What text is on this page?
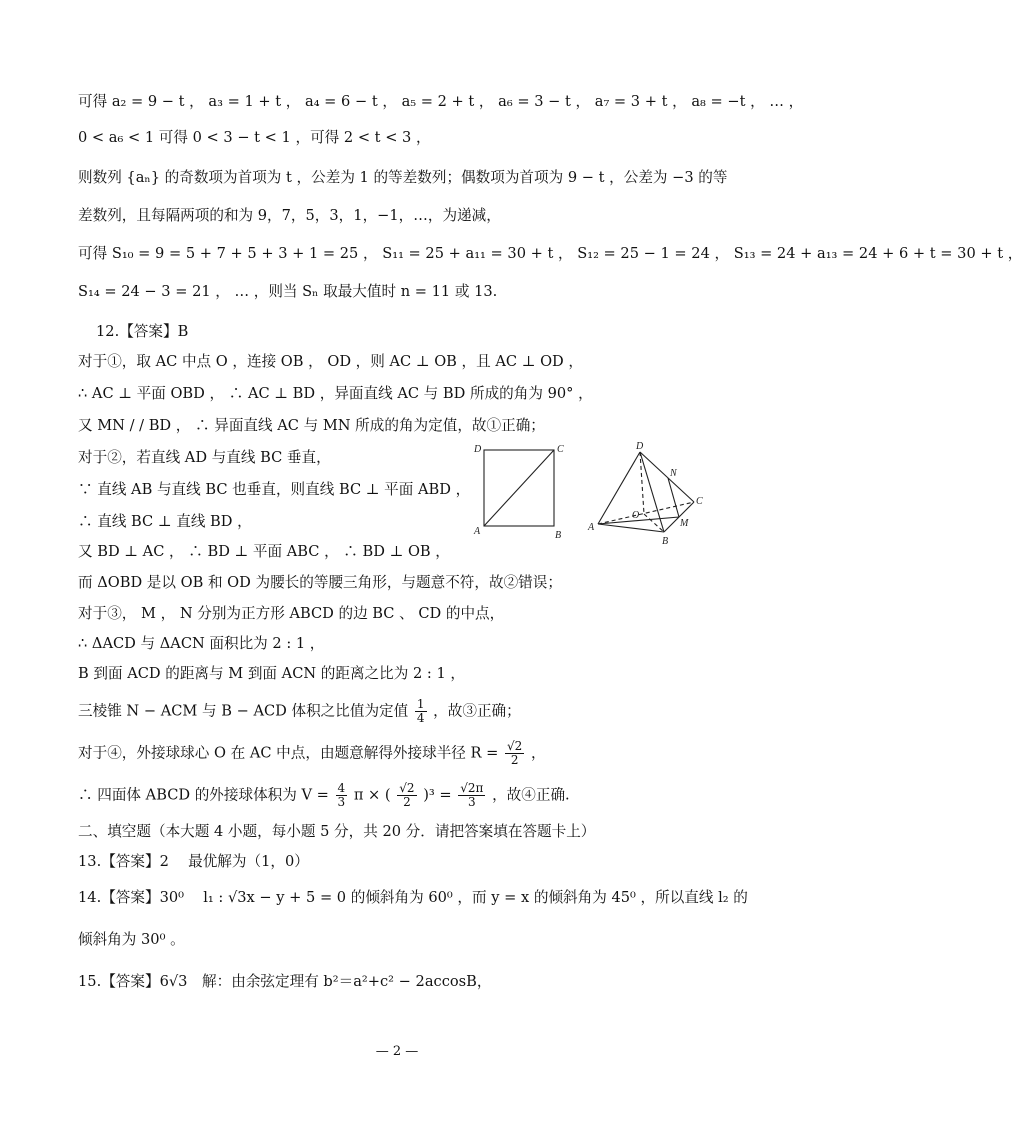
可得 a₂ = 9 − t ， a₃ = 1 + t ， a₄ = 6 − t ， a₅ = 2 + t ， a₆ = 3 − t ， a₇ = 3 + t ， a₈ = −t ， … ，
0 < a₆ < 1 可得 0 < 3 − t < 1 ，可得 2 < t < 3 ，
则数列 {aₙ} 的奇数项为首项为 t ，公差为 1 的等差数列；偶数项为首项为 9 − t ，公差为 −3 的等
差数列，且每隔两项的和为 9，7，5，3，1，−1，…，为递减，
可得 S₁₀ = 9 = 5 + 7 + 5 + 3 + 1 = 25 ， S₁₁ = 25 + a₁₁ = 30 + t ， S₁₂ = 25 − 1 = 24 ， S₁₃ = 24 + a₁₃ = 24 + 6 + t = 30 + t ，
S₁₄ = 24 − 3 = 21 ， … ，则当 Sₙ 取最大值时 n = 11 或 13.
12.【答案】B
对于①，取 AC 中点 O ，连接 OB ， OD ，则 AC ⊥ OB ，且 AC ⊥ OD ，
∴ AC ⊥ 平面 OBD ， ∴ AC ⊥ BD ，异面直线 AC 与 BD 所成的角为 90° ，
又 MN / / BD ， ∴ 异面直线 AC 与 MN 所成的角为定值，故①正确；
对于②，若直线 AD 与直线 BC 垂直，
∵ 直线 AB 与直线 BC 也垂直，则直线 BC ⊥ 平面 ABD ，
∴ 直线 BC ⊥ 直线 BD ，
又 BD ⊥ AC ， ∴ BD ⊥ 平面 ABC ， ∴ BD ⊥ OB ，
而 ΔOBD 是以 OB 和 OD 为腰长的等腰三角形，与题意不符，故②错误；
对于③， M ， N 分别为正方形 ABCD 的边 BC 、 CD 的中点，
∴ ΔACD 与 ΔACN 面积比为 2 : 1 ，
B 到面 ACD 的距离与 M 到面 ACN 的距离之比为 2 : 1 ，
三棱锥 N − ACM 与 B − ACD 体积之比值为定值 $\frac{1}{4}$ ，故③正确；
对于④，外接球球心 O 在 AC 中点，由题意解得外接球半径 $R = \frac{√2}{2}$ ，
∴ 四面体 ABCD 的外接球体积为 $V = \frac{4}{3}$ π × ( $\frac{√2}{2} )^3 = \frac{√2\pi}{3}$ ，故④正确.
二、填空题（本大题 4 小题，每小题 5 分，共 20 分．请把答案填在答题卡上）
13.【答案】2　 最优解为（1，0）
14.【答案】30⁰　 l₁ : √3x − y + 5 = 0 的倾斜角为 60⁰ ，而 y = x 的倾斜角为 45⁰ ，所以直线 l₂ 的
倾斜角为 30⁰ 。
15.【答案】6√3　解：由余弦定理有 b²＝a²+c² − 2accosB，
D	C
A	B
D
N
C
O
M
A
B
— 2 —
